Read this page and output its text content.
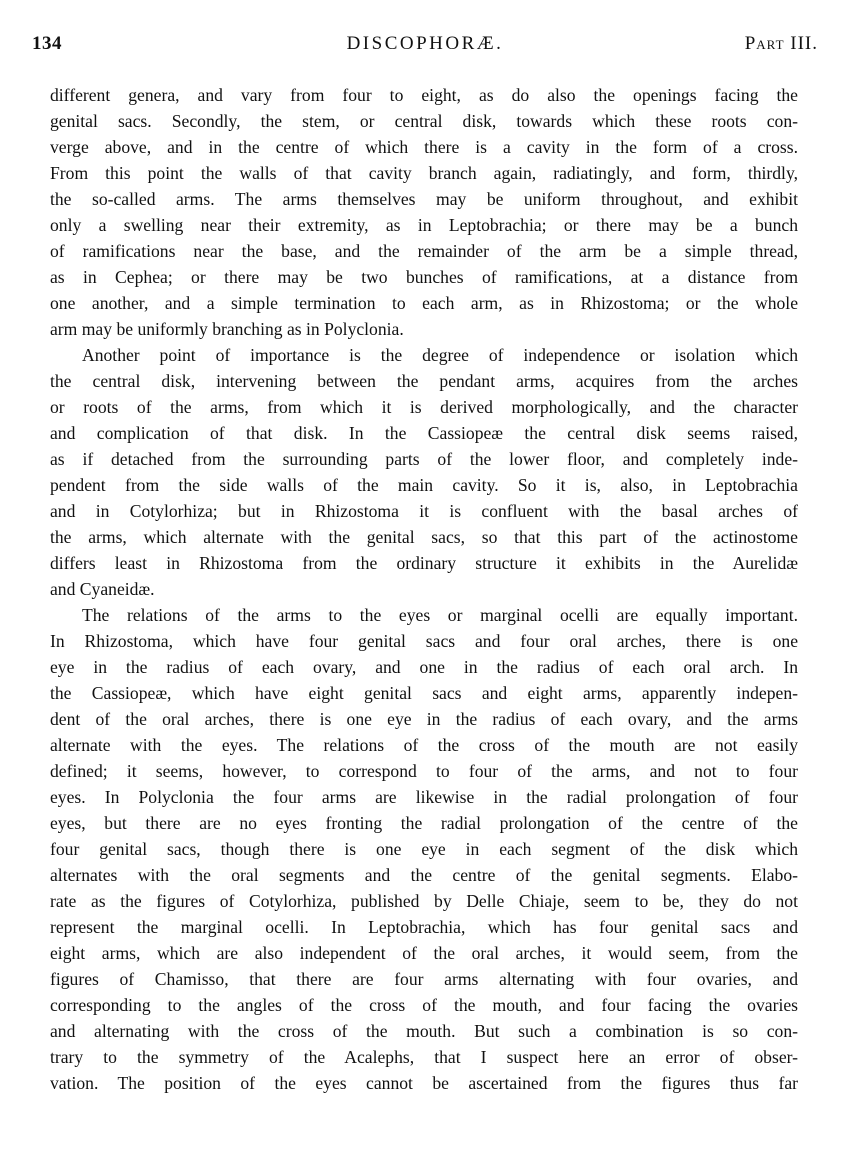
134	DISCOPHORÆ.	Part III.
different genera, and vary from four to eight, as do also the openings facing the
genital sacs. Secondly, the stem, or central disk, towards which these roots con-
verge above, and in the centre of which there is a cavity in the form of a cross.
From this point the walls of that cavity branch again, radiatingly, and form, thirdly,
the so-called arms. The arms themselves may be uniform throughout, and exhibit
only a swelling near their extremity, as in Leptobrachia; or there may be a bunch
of ramifications near the base, and the remainder of the arm be a simple thread,
as in Cephea; or there may be two bunches of ramifications, at a distance from
one another, and a simple termination to each arm, as in Rhizostoma; or the whole
arm may be uniformly branching as in Polyclonia.
Another point of importance is the degree of independence or isolation which
the central disk, intervening between the pendant arms, acquires from the arches
or roots of the arms, from which it is derived morphologically, and the character
and complication of that disk. In the Cassiopeæ the central disk seems raised,
as if detached from the surrounding parts of the lower floor, and completely inde-
pendent from the side walls of the main cavity. So it is, also, in Leptobrachia
and in Cotylorhiza; but in Rhizostoma it is confluent with the basal arches of
the arms, which alternate with the genital sacs, so that this part of the actinostome
differs least in Rhizostoma from the ordinary structure it exhibits in the Aurelidæ
and Cyaneidæ.
The relations of the arms to the eyes or marginal ocelli are equally important.
In Rhizostoma, which have four genital sacs and four oral arches, there is one
eye in the radius of each ovary, and one in the radius of each oral arch. In
the Cassiopeæ, which have eight genital sacs and eight arms, apparently indepen-
dent of the oral arches, there is one eye in the radius of each ovary, and the arms
alternate with the eyes. The relations of the cross of the mouth are not easily
defined; it seems, however, to correspond to four of the arms, and not to four
eyes. In Polyclonia the four arms are likewise in the radial prolongation of four
eyes, but there are no eyes fronting the radial prolongation of the centre of the
four genital sacs, though there is one eye in each segment of the disk which
alternates with the oral segments and the centre of the genital segments. Elabo-
rate as the figures of Cotylorhiza, published by Delle Chiaje, seem to be, they do not
represent the marginal ocelli. In Leptobrachia, which has four genital sacs and
eight arms, which are also independent of the oral arches, it would seem, from the
figures of Chamisso, that there are four arms alternating with four ovaries, and
corresponding to the angles of the cross of the mouth, and four facing the ovaries
and alternating with the cross of the mouth. But such a combination is so con-
trary to the symmetry of the Acalephs, that I suspect here an error of obser-
vation. The position of the eyes cannot be ascertained from the figures thus far
